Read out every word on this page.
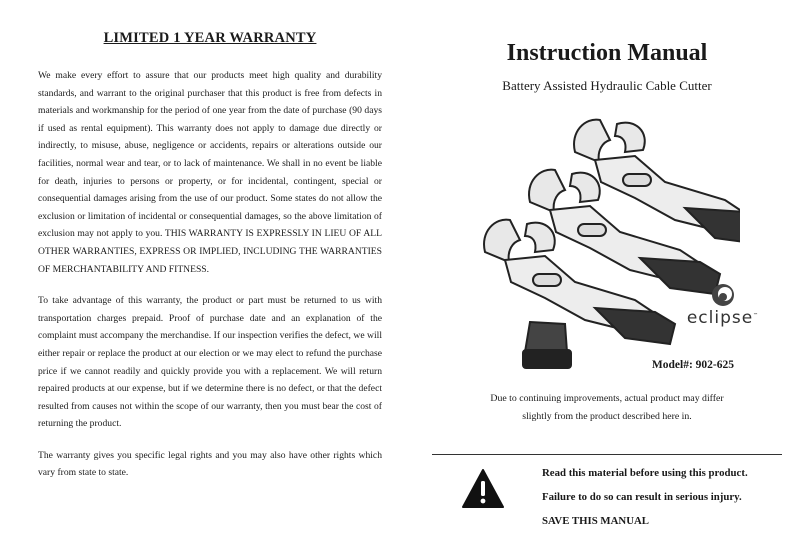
LIMITED 1 YEAR WARRANTY

We make every effort to assure that our products meet high quality and durability standards, and warrant to the original purchaser that this product is free from defects in materials and workmanship for the period of one year from the date of purchase (90 days if used as rental equipment). This warranty does not apply to damage due directly or indirectly, to misuse, abuse, negligence or accidents, repairs or alterations outside our facilities, normal wear and tear, or to lack of maintenance. We shall in no event be liable for death, injuries to persons or property, or for incidental, contingent, special or consequential damages arising from the use of our product. Some states do not allow the exclusion or limitation of incidental or consequential damages, so the above limitation of exclusion may not apply to you. THIS WARRANTY IS EXPRESSLY IN LIEU OF ALL OTHER WARRANTIES, EXPRESS OR IMPLIED, INCLUDING THE WARRANTIES OF MERCHANTABILITY AND FITNESS.

To take advantage of this warranty, the product or part must be returned to us with transportation charges prepaid. Proof of purchase date and an explanation of the complaint must accompany the merchandise. If our inspection verifies the defect, we will either repair or replace the product at our election or we may elect to refund the purchase price if we cannot readily and quickly provide you with a replacement. We will return repaired products at our expense, but if we determine there is no defect, or that the defect resulted from causes not within the scope of our warranty, then you must bear the cost of returning the product.

The warranty gives you specific legal rights and you may also have other rights which vary from state to state.

Instruction Manual
Battery Assisted Hydraulic Cable Cutter
eclipse™
Model#: 902-625
Due to continuing improvements, actual product may differ
slightly from the product described here in.
Read this material before using this product.
Failure to do so can result in serious injury.
SAVE THIS MANUAL
